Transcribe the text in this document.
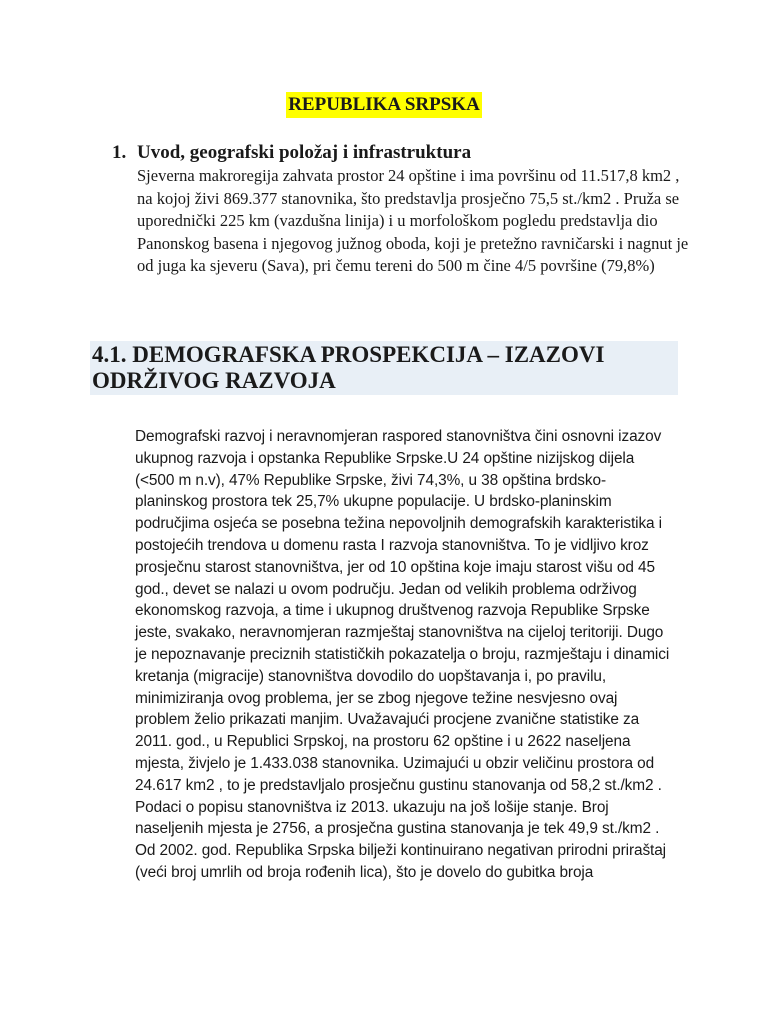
REPUBLIKA SRPSKA
1. Uvod, geografski položaj i infrastruktura

Sjeverna makroregija zahvata prostor 24 opštine i ima površinu od 11.517,8 km2 , na kojoj živi 869.377 stanovnika, što predstavlja prosječno 75,5 st./km2 . Pruža se uporednički 225 km (vazdušna linija) i u morfološkom pogledu predstavlja dio Panonskog basena i njegovog južnog oboda, koji je pretežno ravničarski i nagnut je od juga ka sjeveru (Sava), pri čemu tereni do 500 m čine 4/5 površine (79,8%)

4.1. DEMOGRAFSKA PROSPEKCIJA – IZAZOVI ODRŽIVOG RAZVOJA

Demografski razvoj i neravnomjeran raspored stanovništva čini osnovni izazov ukupnog razvoja i opstanka Republike Srpske.U 24 opštine nizijskog dijela (<500 m n.v), 47% Republike Srpske, živi 74,3%, u 38 opština brdsko-planinskog prostora tek 25,7% ukupne populacije. U brdsko-planinskim područjima osjeća se posebna težina nepovoljnih demografskih karakteristika i postojećih trendova u domenu rasta I razvoja stanovništva. To je vidljivo kroz prosječnu starost stanovništva, jer od 10 opština koje imaju starost višu od 45 god., devet se nalazi u ovom području. Jedan od velikih problema održivog ekonomskog razvoja, a time i ukupnog društvenog razvoja Republike Srpske jeste, svakako, neravnomjeran razmještaj stanovništva na cijeloj teritoriji. Dugo je nepoznavanje preciznih statističkih pokazatelja o broju, razmještaju i dinamici kretanja (migracije) stanovništva dovodilo do uopštavanja i, po pravilu, minimiziranja ovog problema, jer se zbog njegove težine nesvjesno ovaj problem želio prikazati manjim. Uvažavajući procjene zvanične statistike za 2011. god., u Republici Srpskoj, na prostoru 62 opštine i u 2622 naseljena mjesta, živjelo je 1.433.038 stanovnika. Uzimajući u obzir veličinu prostora od 24.617 km2 , to je predstavljalo prosječnu gustinu stanovanja od 58,2 st./km2 . Podaci o popisu stanovništva iz 2013. ukazuju na još lošije stanje. Broj naseljenih mjesta je 2756, a prosječna gustina stanovanja je tek 49,9 st./km2 . Od 2002. god. Republika Srpska bilježi kontinuirano negativan prirodni priraštaj (veći broj umrlih od broja rođenih lica), što je dovelo do gubitka broja
